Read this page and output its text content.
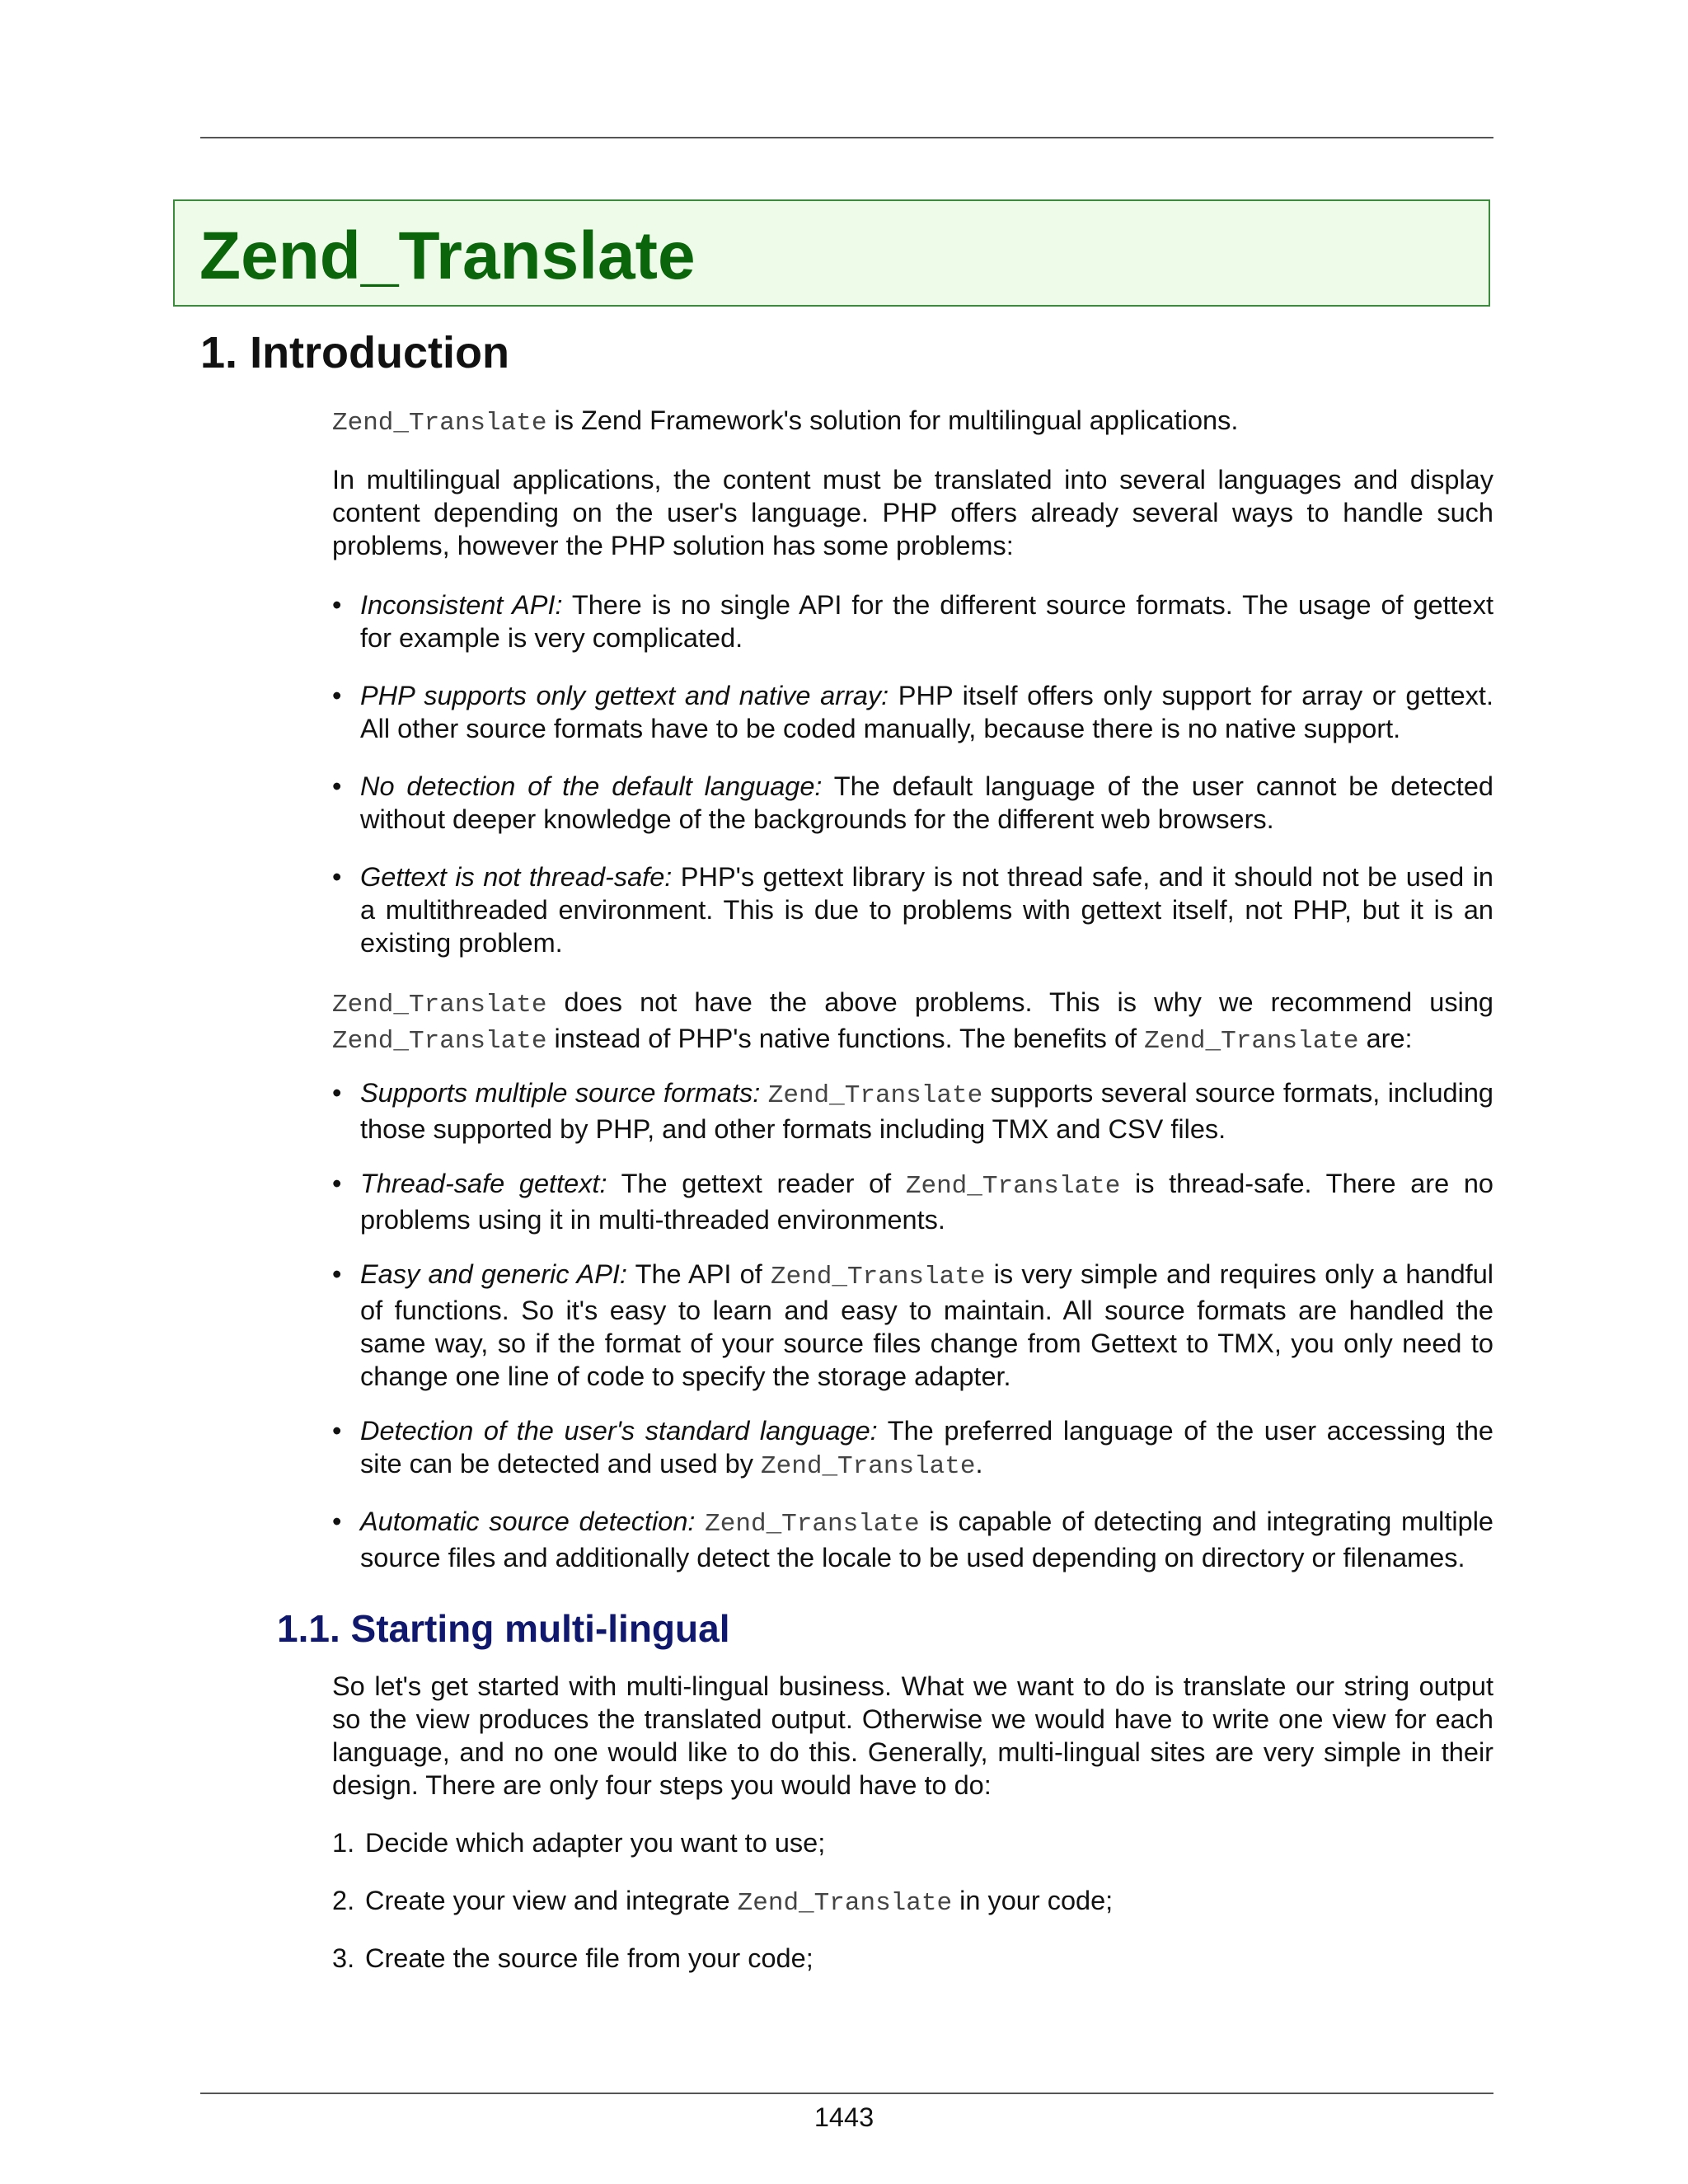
Zend_Translate
1. Introduction

Zend_Translate is Zend Framework's solution for multilingual applications.

In multilingual applications, the content must be translated into several languages and display content depending on the user's language. PHP offers already several ways to handle such problems, however the PHP solution has some problems:

• Inconsistent API: There is no single API for the different source formats. The usage of gettext for example is very complicated.

• PHP supports only gettext and native array: PHP itself offers only support for array or gettext. All other source formats have to be coded manually, because there is no native support.

• No detection of the default language: The default language of the user cannot be detected without deeper knowledge of the backgrounds for the different web browsers.

• Gettext is not thread-safe: PHP's gettext library is not thread safe, and it should not be used in a multithreaded environment. This is due to problems with gettext itself, not PHP, but it is an existing problem.

Zend_Translate does not have the above problems. This is why we recommend using Zend_Translate instead of PHP's native functions. The benefits of Zend_Translate are:

• Supports multiple source formats: Zend_Translate supports several source formats, including those supported by PHP, and other formats including TMX and CSV files.

• Thread-safe gettext: The gettext reader of Zend_Translate is thread-safe. There are no problems using it in multi-threaded environments.

• Easy and generic API: The API of Zend_Translate is very simple and requires only a handful of functions. So it's easy to learn and easy to maintain. All source formats are handled the same way, so if the format of your source files change from Gettext to TMX, you only need to change one line of code to specify the storage adapter.

• Detection of the user's standard language: The preferred language of the user accessing the site can be detected and used by Zend_Translate.

• Automatic source detection: Zend_Translate is capable of detecting and integrating multiple source files and additionally detect the locale to be used depending on directory or filenames.

1.1. Starting multi-lingual

So let's get started with multi-lingual business. What we want to do is translate our string output so the view produces the translated output. Otherwise we would have to write one view for each language, and no one would like to do this. Generally, multi-lingual sites are very simple in their design. There are only four steps you would have to do:

1. Decide which adapter you want to use;

2. Create your view and integrate Zend_Translate in your code;

3. Create the source file from your code;

1443
